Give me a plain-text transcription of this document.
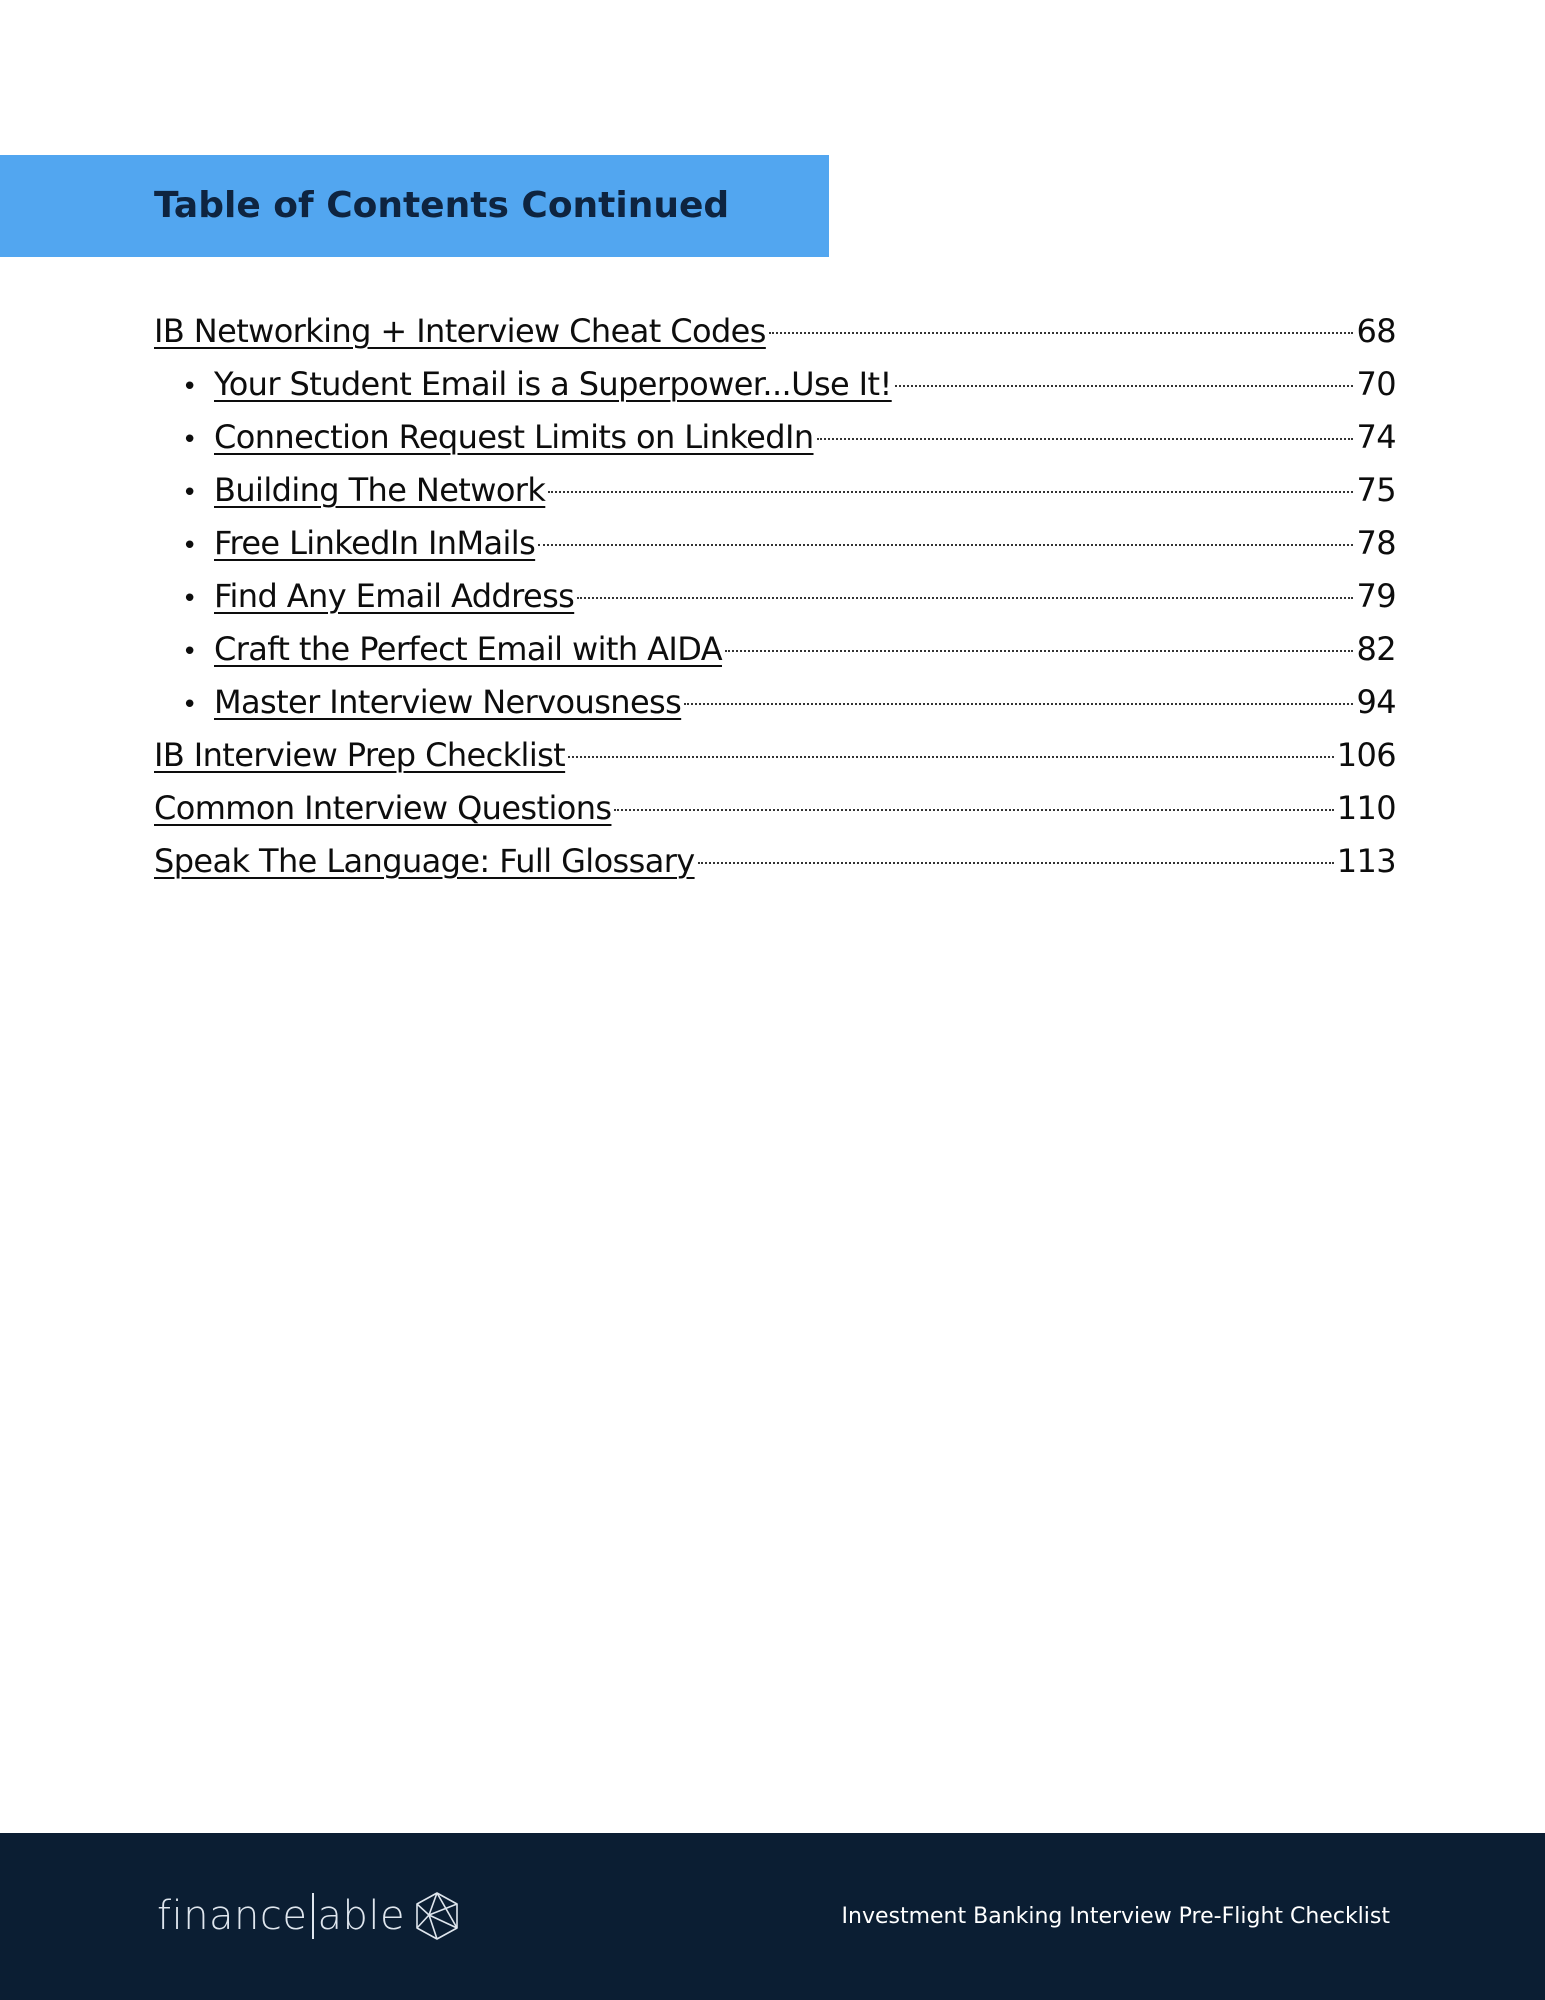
Table of Contents Continued
IB Networking + Interview Cheat Codes	68
• Your Student Email is a Superpower...Use It!	70
• Connection Request Limits on LinkedIn	74
• Building The Network	75
• Free LinkedIn InMails	78
• Find Any Email Address	79
• Craft the Perfect Email with AIDA	82
• Master Interview Nervousness	94
IB Interview Prep Checklist	106
Common Interview Questions	110
Speak The Language: Full Glossary	113
finance able	Investment Banking Interview Pre-Flight Checklist
